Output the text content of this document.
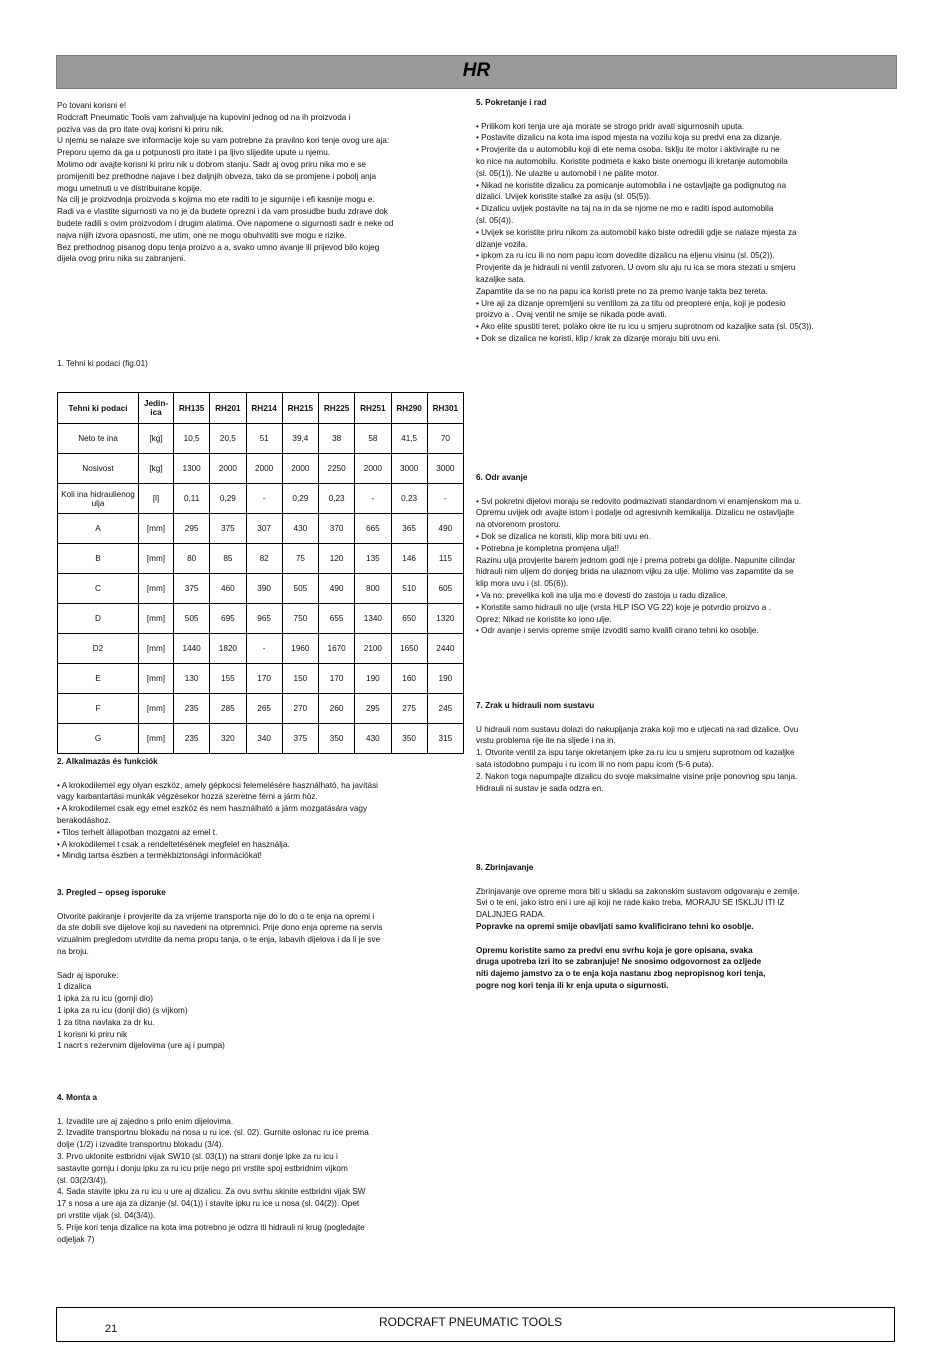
HR

Po tovani korisni e!

Rodcraft Pneumatic Tools vam zahvaljuje na kupovini jednog od na ih proizvoda i

poziva vas da pro itate ovaj korisni ki priru nik.

U njemu se nalaze sve informacije koje su vam potrebne za pravilno kori tenje ovog ure aja:

Preporu ujemo da ga u potpunosti pro itate i pa ljivo slijedite upute u njemu.

Molimo odr avajte korisni ki priru nik u dobrom stanju. Sadr aj ovog priru nika mo e se

promijeniti bez prethodne najave i bez daljnjih obveza, tako da se promjene i pobolj anja

mogu umetnuti u ve distribuirane kopije.

Na cilj je proizvodnja proizvoda s kojima mo ete raditi to je sigurnije i efi kasnije mogu e.

Radi va e vlastite sigurnosti va no je da budete oprezni i da vam prosudbe budu zdrave dok

budete radili s ovim proizvodom i drugim alatima. Ove napomene o sigurnosti sadr e neke od

najva nijih izvora opasnosti, me utim, one ne mogu obuhvatiti sve mogu e rizike.

Bez prethodnog pisanog dopu tenja proizvo a a, svako umno avanje ili prijevod bilo kojeg

dijela ovog priru nika su zabranjeni.

1. Tehni ki podaci (fig.01)

Tehni ki podaci	Jedin- ica	RH135	RH201	RH214	RH215	RH225	RH251	RH290	RH301
Neto te ina	[kg]	10,5	20,5	51	39,4	38	58	41,5	70
Nosivost	[kg]	1300	2000	2000	2000	2250	2000	3000	3000
Koli ina hidrauliеnog ulja	[l]	0,11	0,29	-	0,29	0,23	-	0,23	-
A	[mm]	295	375	307	430	370	665	365	490
B	[mm]	80	85	82	75	120	135	146	115
C	[mm]	375	460	390	505	490	800	510	605
D	[mm]	505	695	965	750	655	1340	650	1320
D2	[mm]	1440	1820	-	1960	1670	2100	1650	2440
E	[mm]	130	155	170	150	170	190	160	190
F	[mm]	235	285	265	270	260	295	275	245
G	[mm]	235	320	340	375	350	430	350	315

2. Alkalmazás és funkciók

• A krokodilemel egy olyan eszköz, amely gépkocsi felemelésére használható, ha javítási

vagy karbantartási munkák végzésekor hozzá szeretne férni a járm höz.

• A krokodilemel csak egy emel eszköz és nem használható a járm mozgatására vagy

berakodáshoz.

• Tilos terhelt állapotban mozgatni az emel t.

• A krokodilemel t csak a rendeltetésének megfelel en használja.

• Mindig tartsa észben a termékbiztonsági információkat!

3. Pregled – opseg isporuke

Otvorite pakiranje i provjerite da za vrijeme transporta nije do lo do o te enja na opremi i

da ste dobili sve dijelove koji su navedeni na otpremnici. Prije dono enja opreme na servis

vizualnim pregledom utvrdite da nema propu tanja, o te enja, labavih dijelova i da li je sve

na broju.

Sadr aj isporuke:

1 dizalica

1 ipka za ru icu (gornji dio)

1 ipka za ru icu (donji dio) (s vijkom)

1 za titna navlaka za dr ku.

1 korisni ki priru nik

1 nacrt s rezervnim dijelovima (ure aj i pumpa)

4. Monta a

1. Izvadite ure aj zajedno s prilo enim dijelovima.

2. Izvadite transportnu blokadu na nosa u ru ice. (sl. 02). Gurnite oslonac ru ice prema

dolje (1/2) i izvadite transportnu blokadu (3/4).

3. Prvo uklonite estbridni vijak SW10 (sl. 03(1)) na strani donje ipke za ru icu i

sastavite gornju i donju ipku za ru icu prije nego pri vrstite spoj estbridnim vijkom

(sl. 03(2/3/4)).

4. Sada stavite ipku za ru icu u ure aj dizalicu. Za ovu svrhu skinite estbridni vijak SW

17 s nosa a ure aja za dizanje (sl. 04(1)) i stavite ipku ru ice u nosa (sl. 04(2)). Opet

pri vrstite vijak (sl. 04(3/4)).

5. Prije kori tenja dizalice na kota ima potrebno je odzra iti hidrauli ni krug (pogledajte

odjeljak 7)

5. Pokretanje i rad

• Prilikom kori tenja ure aja morate se strogo pridr avati sigurnosnih uputa.

• Postavite dizalicu na kota ima ispod mjesta na vozilu koja su predvi ena za dizanje.

• Provjerite da u automobilu koji di ete nema osoba. Isklju ite motor i aktivirajte ru ne

ko nice na automobilu. Koristite podmeta e kako biste onemogu ili kretanje automobila

(sl. 05(1)). Ne ulazite u automobil i ne palite motor.

• Nikad ne koristite dizalicu za pomicanje automobila i ne ostavljajte ga podignutog na

dizalici. Uvijek koristite stalke za asiju (sl. 05(5)).

• Dizalicu uvijek postavite na taj na in da se njome ne mo e raditi ispod automobila

(sl. 05(4)).

• Uvijek se koristite priru nikom za automobil kako biste odredili gdje se nalaze mjesta za

dizanje vozila.

• ipkom za ru icu ili no nom papu icom dovedite dizalicu na eljenu visinu (sl. 05(2)).

Provjerite da je hidrauli ni ventil zatvoren. U ovom slu aju ru ica se mora stezati u smjeru

kazaljke sata.

Zapamtite da se no na papu ica koristi prete no za premo ivanje takta bez tereta.

• Ure aji za dizanje opremljeni su ventilom za za titu od preoptere enja, koji je podesio

proizvo a . Ovaj ventil ne smije se nikada pode avati.

• Ako elite spustiti teret, polako okre ite ru icu u smjeru suprotnom od kazaljke sata (sl. 05(3)).

• Dok se dizalica ne koristi, klip / krak za dizanje moraju biti uvu eni.

6. Odr avanje

• Svi pokretni dijelovi moraju se redovito podmazivati standardnom vi enamjenskom ma u.

Opremu uvijek odr avajte istom i podalje od agresivnih kemikalija. Dizalicu ne ostavljajte

na otvorenom prostoru.

• Dok se dizalica ne koristi, klip mora biti uvu en.

• Potrebna je kompletna promjena ulja!!

Razinu ulja provjerite barem jednom godi nje i prema potrebi ga dolijte. Napunite cilindar

hidrauli nim uljem do donjeg brida na ulaznom vijku za ulje. Molimo vas zapamtite da se

klip mora uvu i (sl. 05(6)).

• Va no: prevelika koli ina ulja mo e dovesti do zastoja u radu dizalice.

• Koristite samo hidrauli no ulje (vrsta HLP ISO VG 22) koje je potvrdio proizvo a .

Oprez: Nikad ne koristite ko iono ulje.

• Odr avanje i servis opreme smije izvoditi samo kvalifi cirano tehni ko osoblje.

7. Zrak u hidrauli nom sustavu

U hidrauli nom sustavu dolazi do nakupljanja zraka koji mo e utjecati na rad dizalice. Ovu

vrstu problema rije ite na sljede i na in.

1. Otvorite ventil za ispu tanje okretanjem ipke za ru icu u smjeru suprotnom od kazaljke

sata istodobno pumpaju i ru icom ili no nom papu icom (5-6 puta).

2. Nakon toga napumpajte dizalicu do svoje maksimalne visine prije ponovnog spu tanja.

Hidrauli ni sustav je sada odzra en.

8. Zbrinjavanje

Zbrinjavanje ove opreme mora biti u skladu sa zakonskim sustavom odgovaraju e zemlje.

Svi o te eni, jako istro eni i ure aji koji ne rade kako treba, MORAJU SE ISKLJU ITI IZ

DALJNJEG RADA.

Popravke na opremi smije obavljati samo kvalificirano tehni ko osoblje.

Opremu koristite samo za predvi enu svrhu koja je gore opisana, svaka

druga upotreba izri ito se zabranjuje! Ne snosimo odgovornost za ozljede

niti dajemo jamstvo za o te enja koja nastanu zbog nepropisnog kori tenja,

pogre nog kori tenja ili kr enja uputa o sigurnosti.

21	RODCRAFT PNEUMATIC TOOLS
